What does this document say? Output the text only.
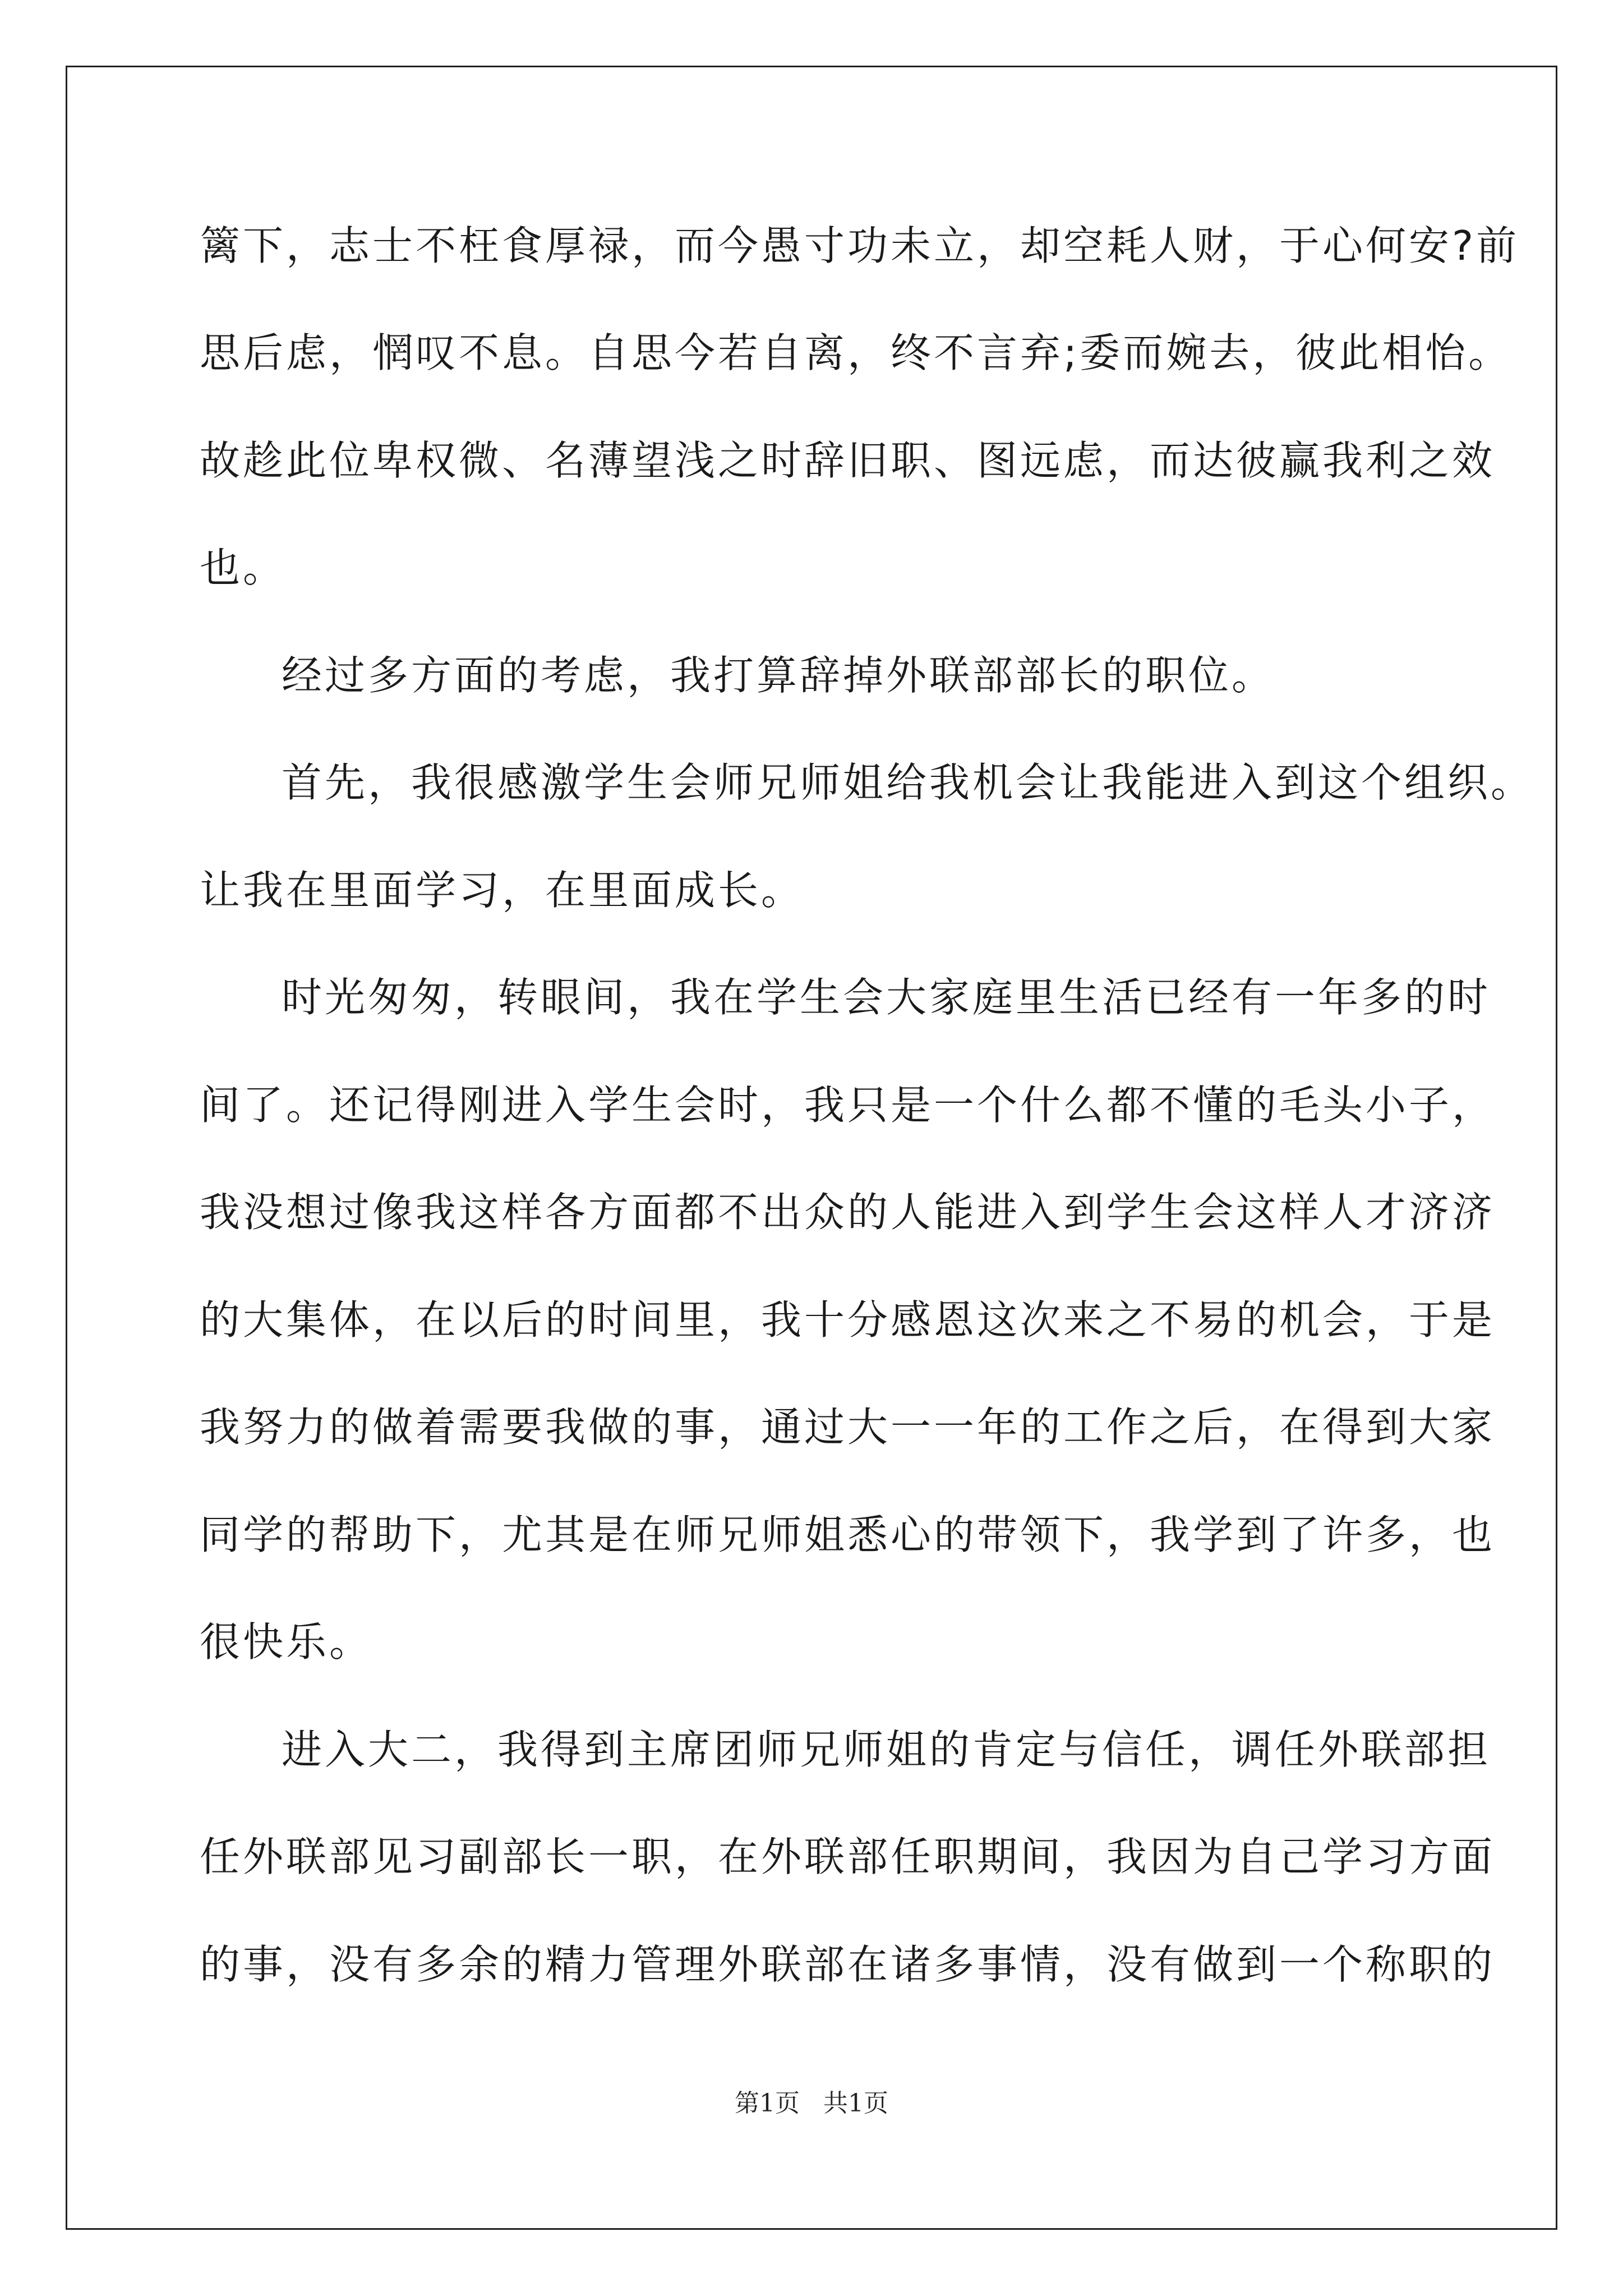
篱下，志士不枉食厚禄，而今愚寸功未立，却空耗人财，于心何安?前
思后虑，惘叹不息。自思今若自离，终不言弃;委而婉去，彼此相怡。
故趁此位卑权微、名薄望浅之时辞旧职、图远虑，而达彼赢我利之效
也。
经过多方面的考虑，我打算辞掉外联部部长的职位。
首先，我很感激学生会师兄师姐给我机会让我能进入到这个组织。
让我在里面学习，在里面成长。
时光匆匆，转眼间，我在学生会大家庭里生活已经有一年多的时
间了。还记得刚进入学生会时，我只是一个什么都不懂的毛头小子，
我没想过像我这样各方面都不出众的人能进入到学生会这样人才济济
的大集体，在以后的时间里，我十分感恩这次来之不易的机会，于是
我努力的做着需要我做的事，通过大一一年的工作之后，在得到大家
同学的帮助下，尤其是在师兄师姐悉心的带领下，我学到了许多，也
很快乐。
进入大二，我得到主席团师兄师姐的肯定与信任，调任外联部担
任外联部见习副部长一职，在外联部任职期间，我因为自己学习方面
的事，没有多余的精力管理外联部在诸多事情，没有做到一个称职的
第1页 共1页
